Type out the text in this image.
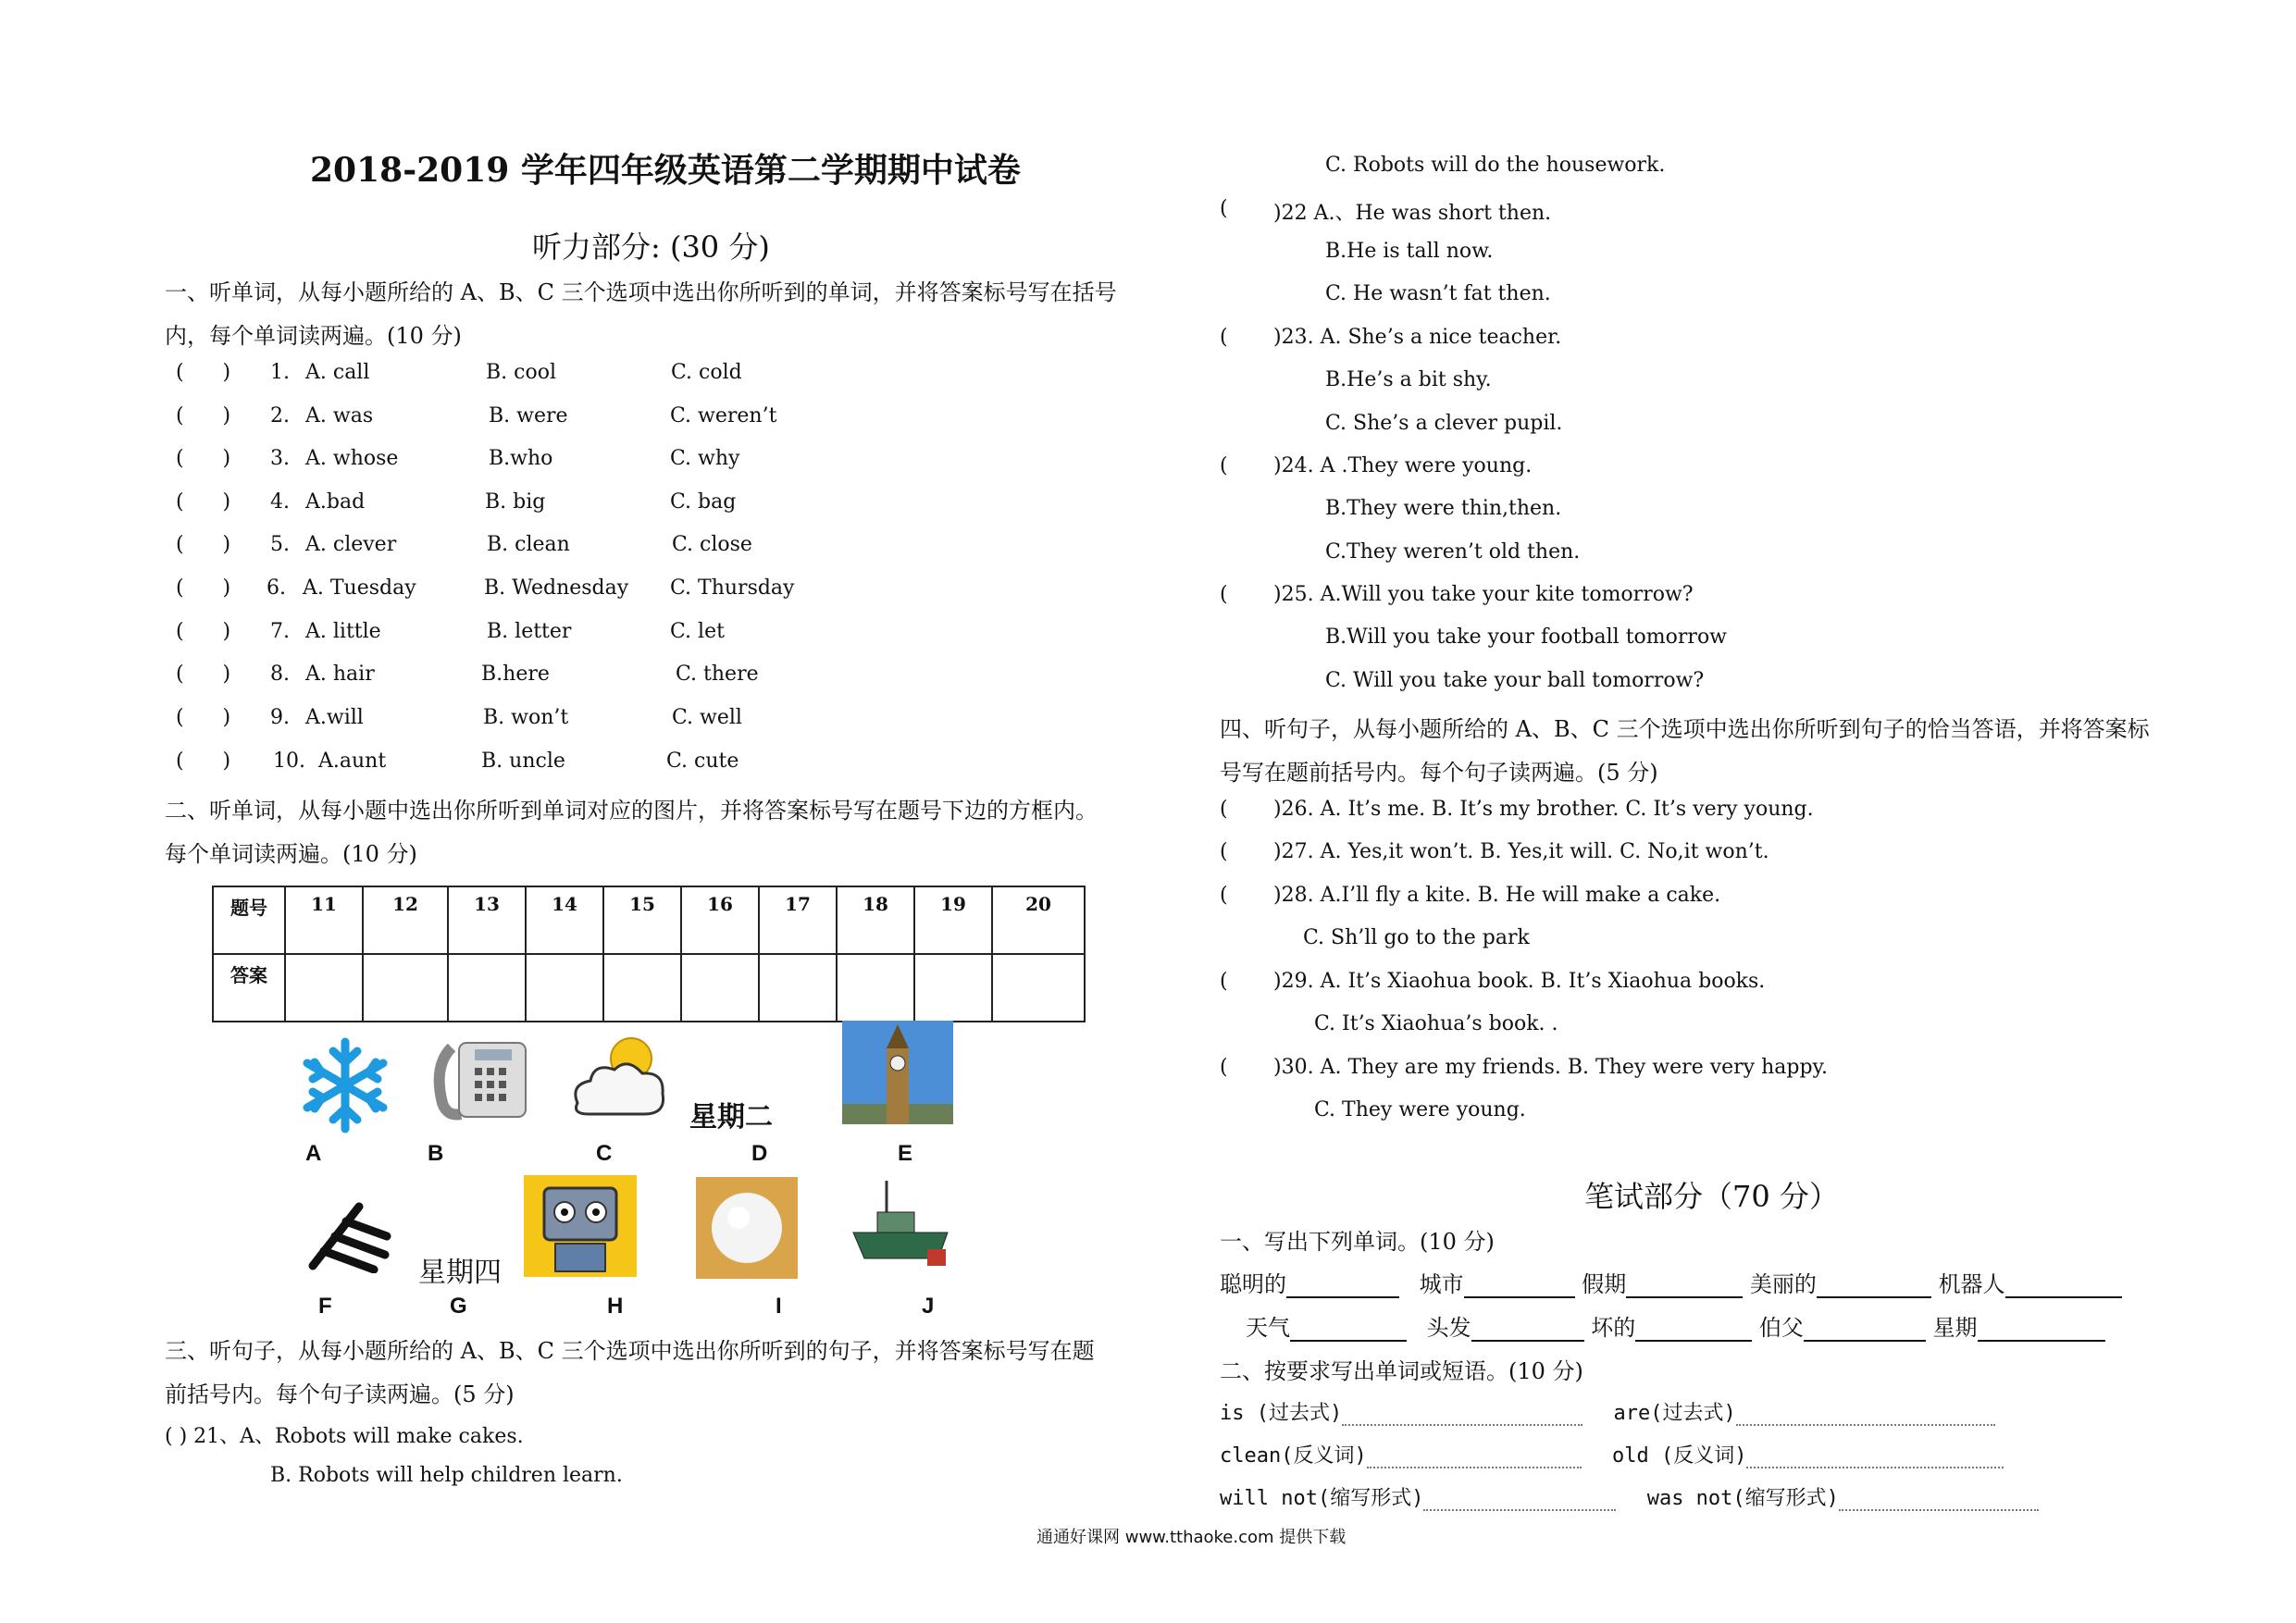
2018-2019 学年四年级英语第二学期期中试卷
听力部分: (30 分)
一、听单词，从每小题所给的 A、B、C 三个选项中选出你所听到的单词，并将答案标号写在括号
内，每个单词读两遍。(10 分)
(      ) 1. A. call	B. cool	C. cold
(      ) 2. A. was	B. were	C. weren’t
(      ) 3. A. whose	B.who	C. why
(      ) 4. A.bad	B. big	C. bag
(      ) 5. A. clever	B. clean	C. close
(      ) 6. A. Tuesday	B. Wednesday C. Thursday
(      ) 7. A. little	B. letter	C. let
(      ) 8. A. hair	B.here	C. there
(      ) 9. A.will	B. won’t	C. well
(      ) 10. A.aunt	B. uncle	C. cute
二、听单词，从每小题中选出你所听到单词对应的图片，并将答案标号写在题号下边的方框内。
每个单词读两遍。(10 分)
题号	11	12	13	14	15	16	17	18	19	20
答案										
星期二
A	B	C	D	E
星期四
F	G	H	I	J
三、听句子，从每小题所给的 A、B、C 三个选项中选出你所听到的句子，并将答案标号写在题
前括号内。每个句子读两遍。(5 分)
( ) 21、A、Robots will make cakes.
B. Robots will help children learn.
C. Robots will do the housework.
( )22 A.、He was short then.
B.He is tall now.
C. He wasn’t fat then.
( )23. A. She’s a nice teacher.
B.He’s a bit shy.
C. She’s a clever pupil.
( )24. A .They were young.
B.They were thin,then.
C.They weren’t old then.
( )25. A.Will you take your kite tomorrow?
B.Will you take your football tomorrow
C. Will you take your ball tomorrow?
四、听句子，从每小题所给的 A、B、C 三个选项中选出你所听到句子的恰当答语，并将答案标
号写在题前括号内。每个句子读两遍。(5 分)
( )26. A. It’s me. B. It’s my brother. C. It’s very young.
( )27. A. Yes,it won’t. B. Yes,it will. C. No,it won’t.
( )28. A.I’ll fly a kite. B. He will make a cake.
C. Sh’ll go to the park
( )29. A. It’s Xiaohua book. B. It’s Xiaohua books.
C. It’s Xiaohua’s book. .
( )30. A. They are my friends. B. They were very happy.
C. They were young.
笔试部分（70 分）
一、写出下列单词。(10 分)
聪明的	城市	假期	美丽的	机器人
天气	头发	坏的	伯父	星期
二、按要求写出单词或短语。(10 分)
is (过去式)	are(过去式)
clean(反义词)	old (反义词)
will not(缩写形式)	was not(缩写形式)
通通好课网 www.tthaoke.com 提供下载
